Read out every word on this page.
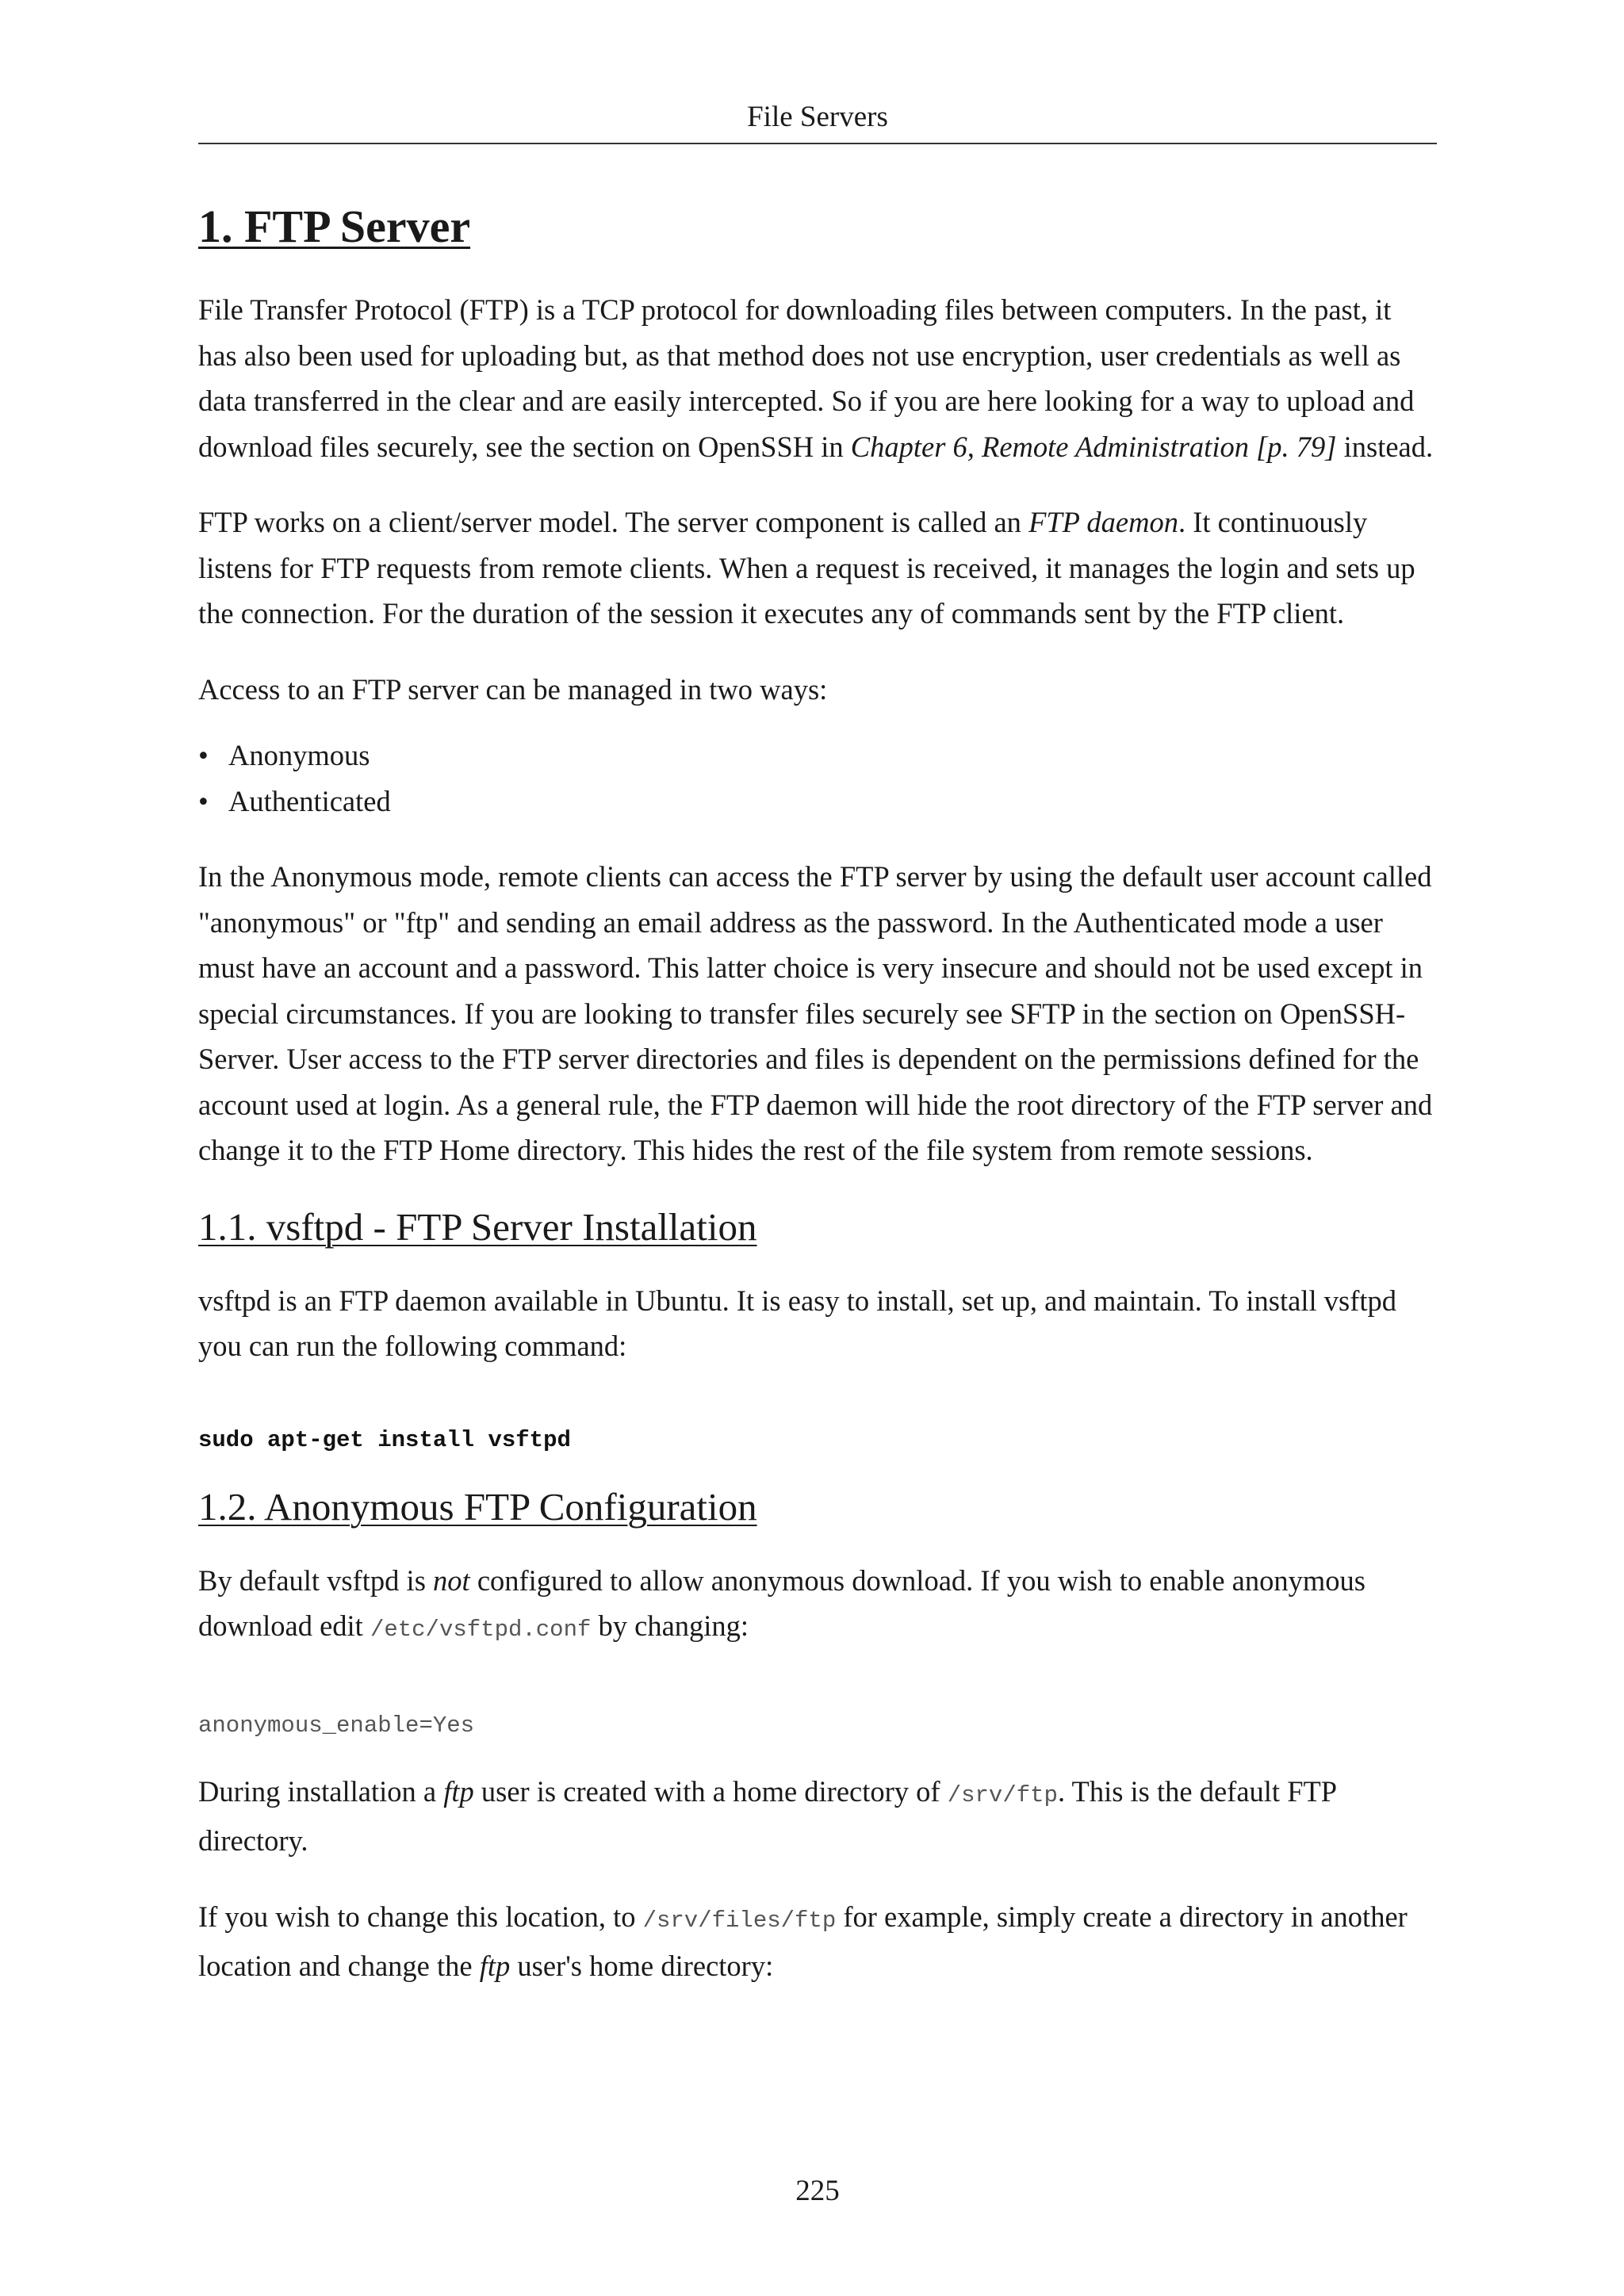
File Servers
1. FTP Server

File Transfer Protocol (FTP) is a TCP protocol for downloading files between computers. In the past, it has also been used for uploading but, as that method does not use encryption, user credentials as well as data transferred in the clear and are easily intercepted. So if you are here looking for a way to upload and download files securely, see the section on OpenSSH in Chapter 6, Remote Administration [p. 79] instead.

FTP works on a client/server model. The server component is called an FTP daemon. It continuously listens for FTP requests from remote clients. When a request is received, it manages the login and sets up the connection. For the duration of the session it executes any of commands sent by the FTP client.

Access to an FTP server can be managed in two ways:

• Anonymous
• Authenticated

In the Anonymous mode, remote clients can access the FTP server by using the default user account called "anonymous" or "ftp" and sending an email address as the password. In the Authenticated mode a user must have an account and a password. This latter choice is very insecure and should not be used except in special circumstances. If you are looking to transfer files securely see SFTP in the section on OpenSSH-Server. User access to the FTP server directories and files is dependent on the permissions defined for the account used at login. As a general rule, the FTP daemon will hide the root directory of the FTP server and change it to the FTP Home directory. This hides the rest of the file system from remote sessions.

1.1. vsftpd - FTP Server Installation

vsftpd is an FTP daemon available in Ubuntu. It is easy to install, set up, and maintain. To install vsftpd you can run the following command:

sudo apt-get install vsftpd
1.2. Anonymous FTP Configuration

By default vsftpd is not configured to allow anonymous download. If you wish to enable anonymous download edit /etc/vsftpd.conf by changing:

anonymous_enable=Yes

During installation a ftp user is created with a home directory of /srv/ftp. This is the default FTP directory.

If you wish to change this location, to /srv/files/ftp for example, simply create a directory in another location and change the ftp user's home directory:

225
